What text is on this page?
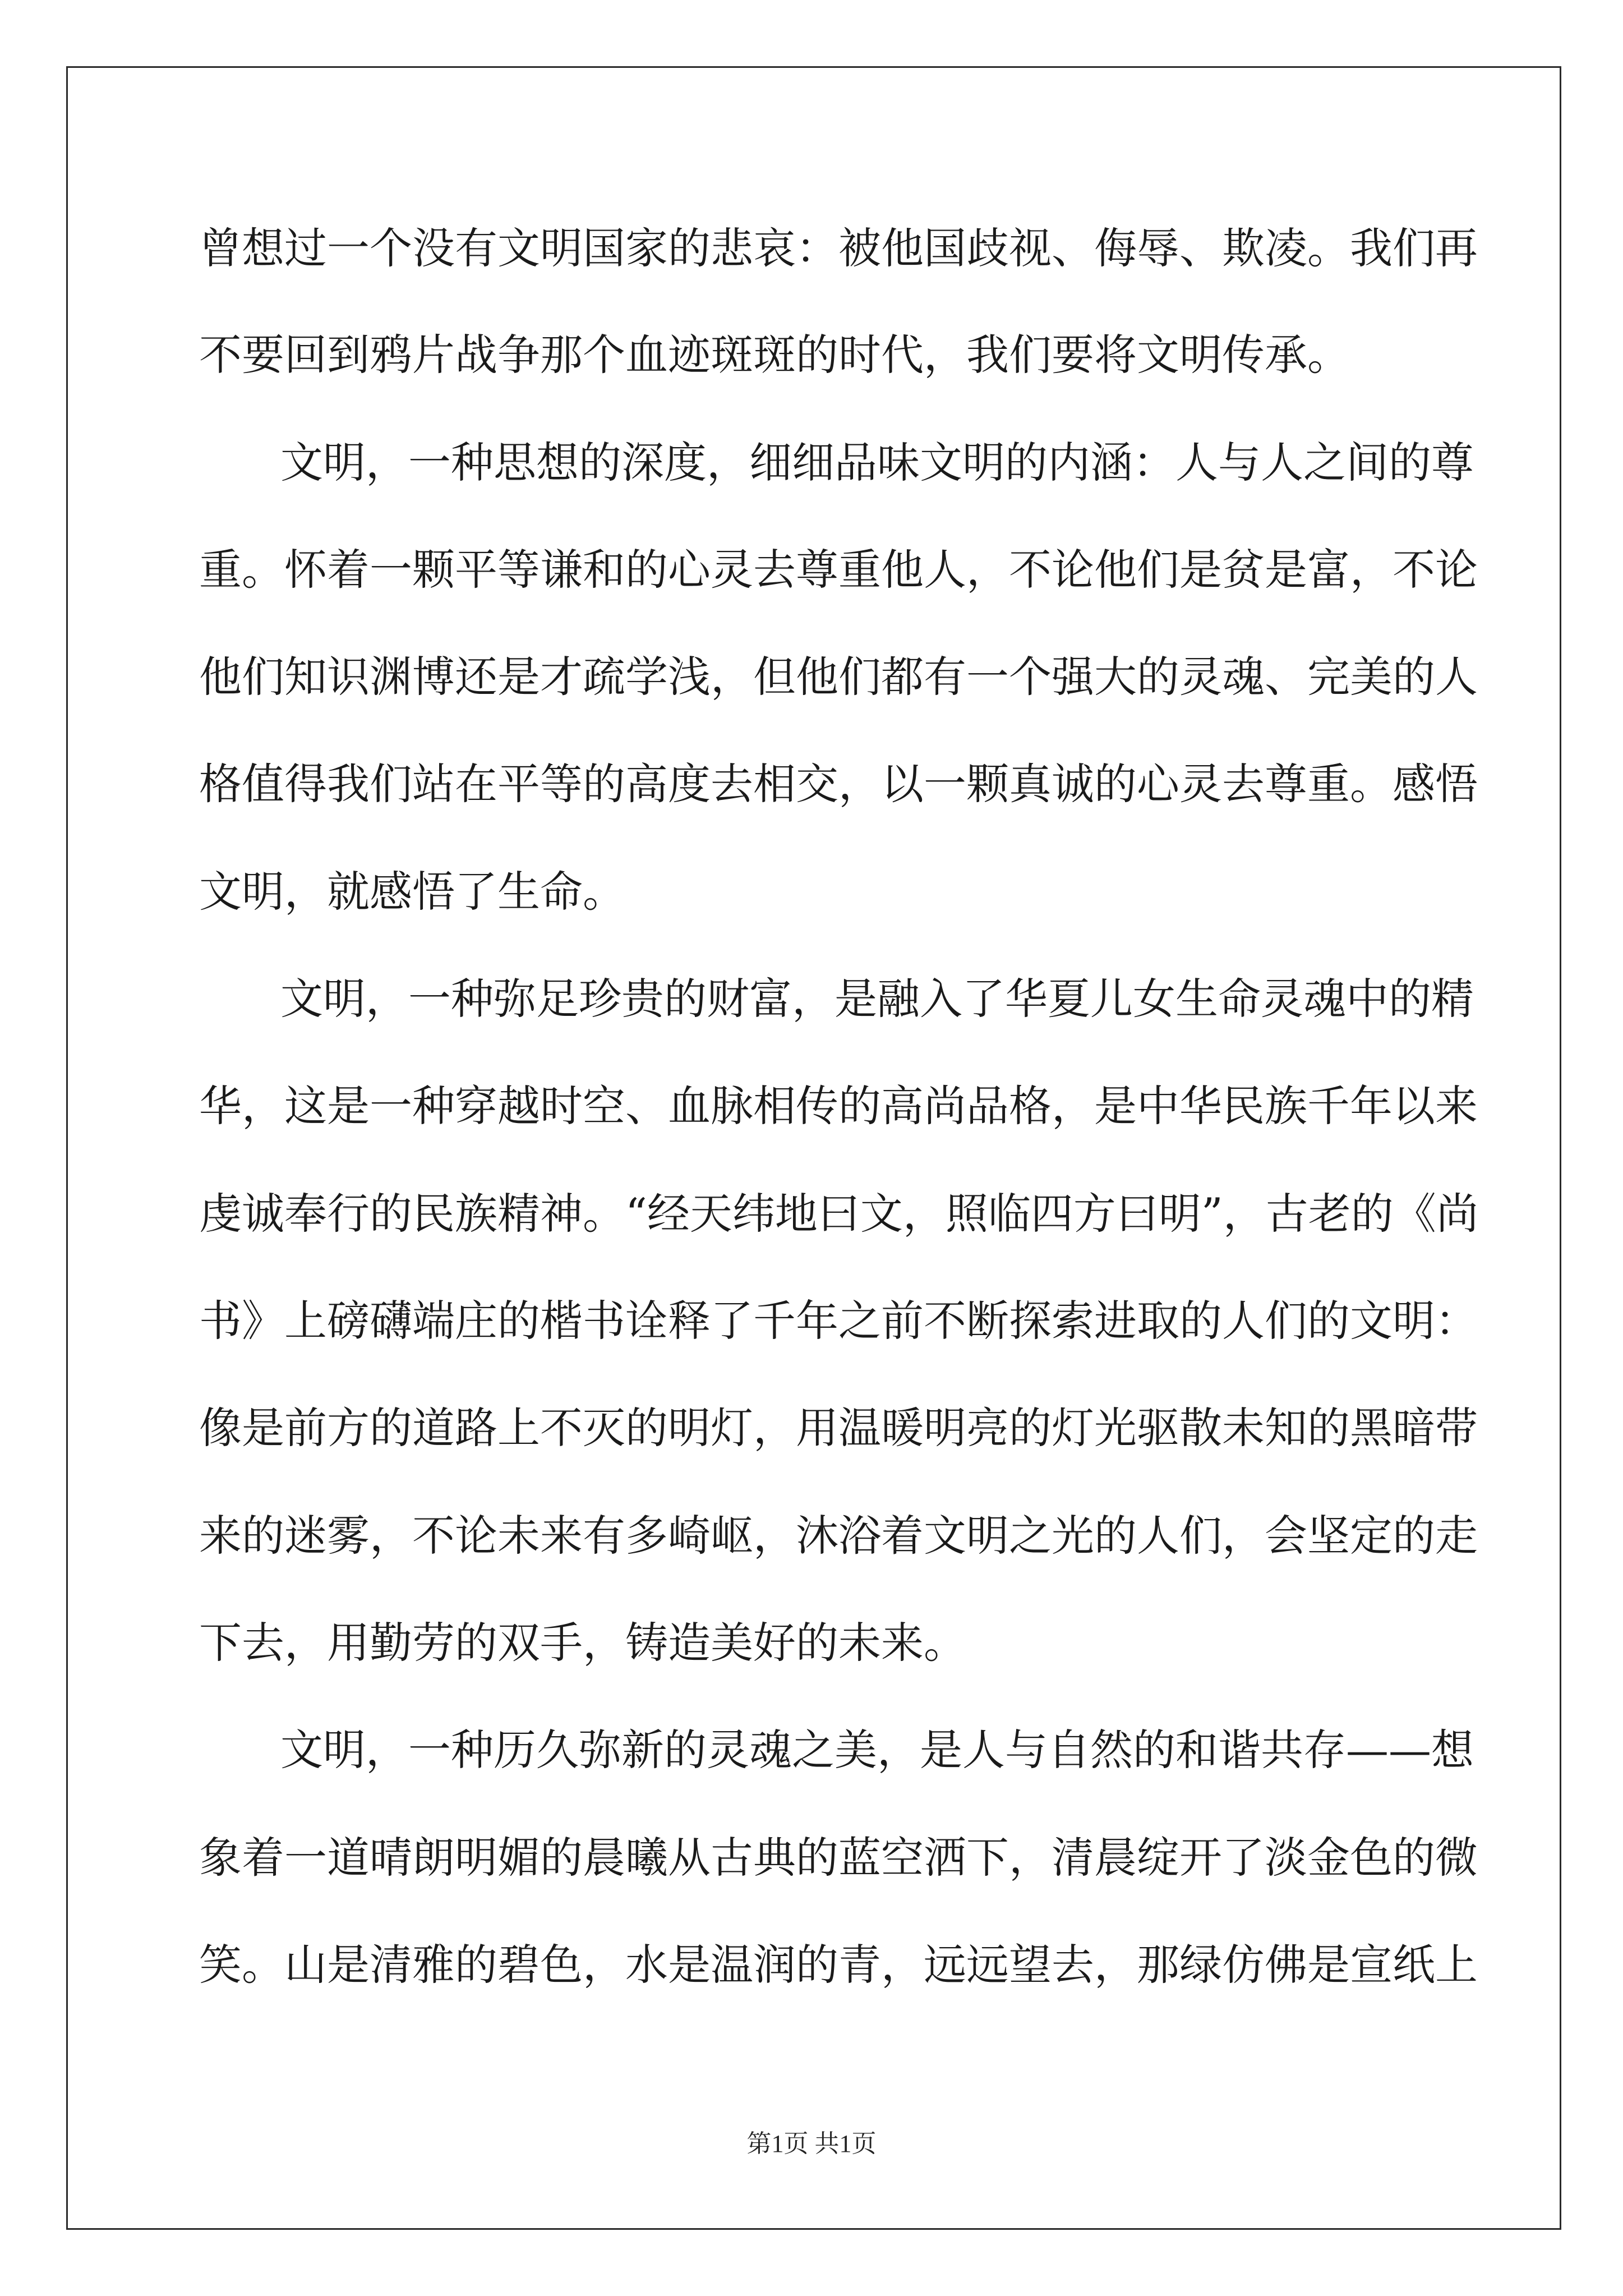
曾想过一个没有文明国家的悲哀：被他国歧视、侮辱、欺凌。我们再
不要回到鸦片战争那个血迹斑斑的时代，我们要将文明传承。
文明，一种思想的深度，细细品味文明的内涵：人与人之间的尊
重。怀着一颗平等谦和的心灵去尊重他人，不论他们是贫是富，不论
他们知识渊博还是才疏学浅，但他们都有一个强大的灵魂、完美的人
格值得我们站在平等的高度去相交，以一颗真诚的心灵去尊重。感悟
文明，就感悟了生命。
文明，一种弥足珍贵的财富，是融入了华夏儿女生命灵魂中的精
华，这是一种穿越时空、血脉相传的高尚品格，是中华民族千年以来
虔诚奉行的民族精神。“经天纬地曰文，照临四方曰明”，古老的《尚
书》上磅礴端庄的楷书诠释了千年之前不断探索进取的人们的文明：
像是前方的道路上不灭的明灯，用温暖明亮的灯光驱散未知的黑暗带
来的迷雾，不论未来有多崎岖，沐浴着文明之光的人们，会坚定的走
下去，用勤劳的双手，铸造美好的未来。
文明，一种历久弥新的灵魂之美，是人与自然的和谐共存——想
象着一道晴朗明媚的晨曦从古典的蓝空洒下，清晨绽开了淡金色的微
笑。山是清雅的碧色，水是温润的青，远远望去，那绿仿佛是宣纸上
第1页 共1页
